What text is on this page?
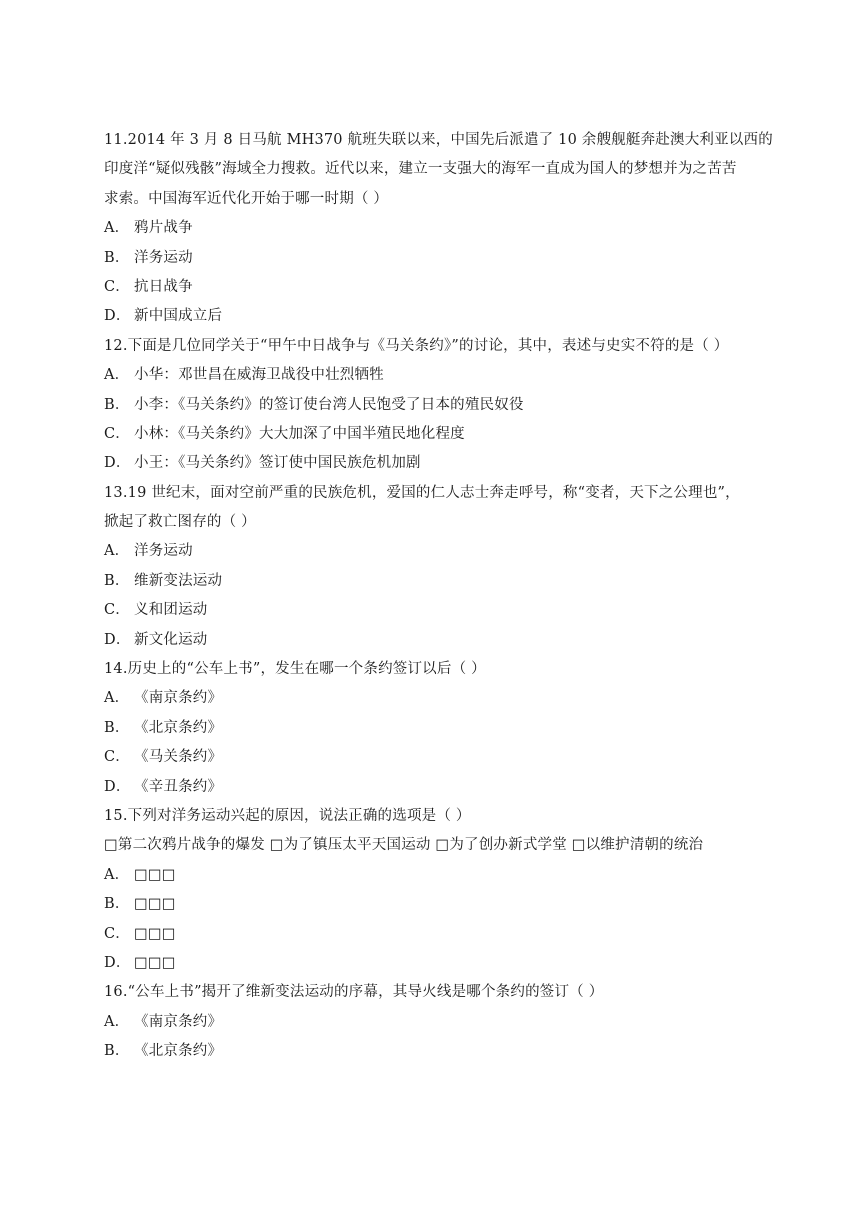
11.2014 年 3 月 8 日马航 MH370 航班失联以来，中国先后派遣了 10 余艘舰艇奔赴澳大利亚以西的
印度洋“疑似残骸”海域全力搜救。近代以来，建立一支强大的海军一直成为国人的梦想并为之苦苦
求索。中国海军近代化开始于哪一时期（ ）
A． 鸦片战争
B． 洋务运动
C． 抗日战争
D． 新中国成立后
12.下面是几位同学关于“甲午中日战争与《马关条约》”的讨论，其中，表述与史实不符的是（ ）
A． 小华：邓世昌在威海卫战役中壮烈牺牲
B． 小李：《马关条约》的签订使台湾人民饱受了日本的殖民奴役
C． 小林：《马关条约》大大加深了中国半殖民地化程度
D． 小王：《马关条约》签订使中国民族危机加剧
13.19 世纪末，面对空前严重的民族危机，爱国的仁人志士奔走呼号，称“变者，天下之公理也”，
掀起了救亡图存的（ ）
A． 洋务运动
B． 维新变法运动
C． 义和团运动
D． 新文化运动
14.历史上的“公车上书”，发生在哪一个条约签订以后（ ）
A． 《南京条约》
B． 《北京条约》
C． 《马关条约》
D． 《辛丑条约》
15.下列对洋务运动兴起的原因，说法正确的选项是（ ）
□第二次鸦片战争的爆发 □为了镇压太平天国运动 □为了创办新式学堂 □以维护清朝的统治
A． □□□
B． □□□
C． □□□
D． □□□
16.“公车上书”揭开了维新变法运动的序幕，其导火线是哪个条约的签订（ ）
A． 《南京条约》
B． 《北京条约》
